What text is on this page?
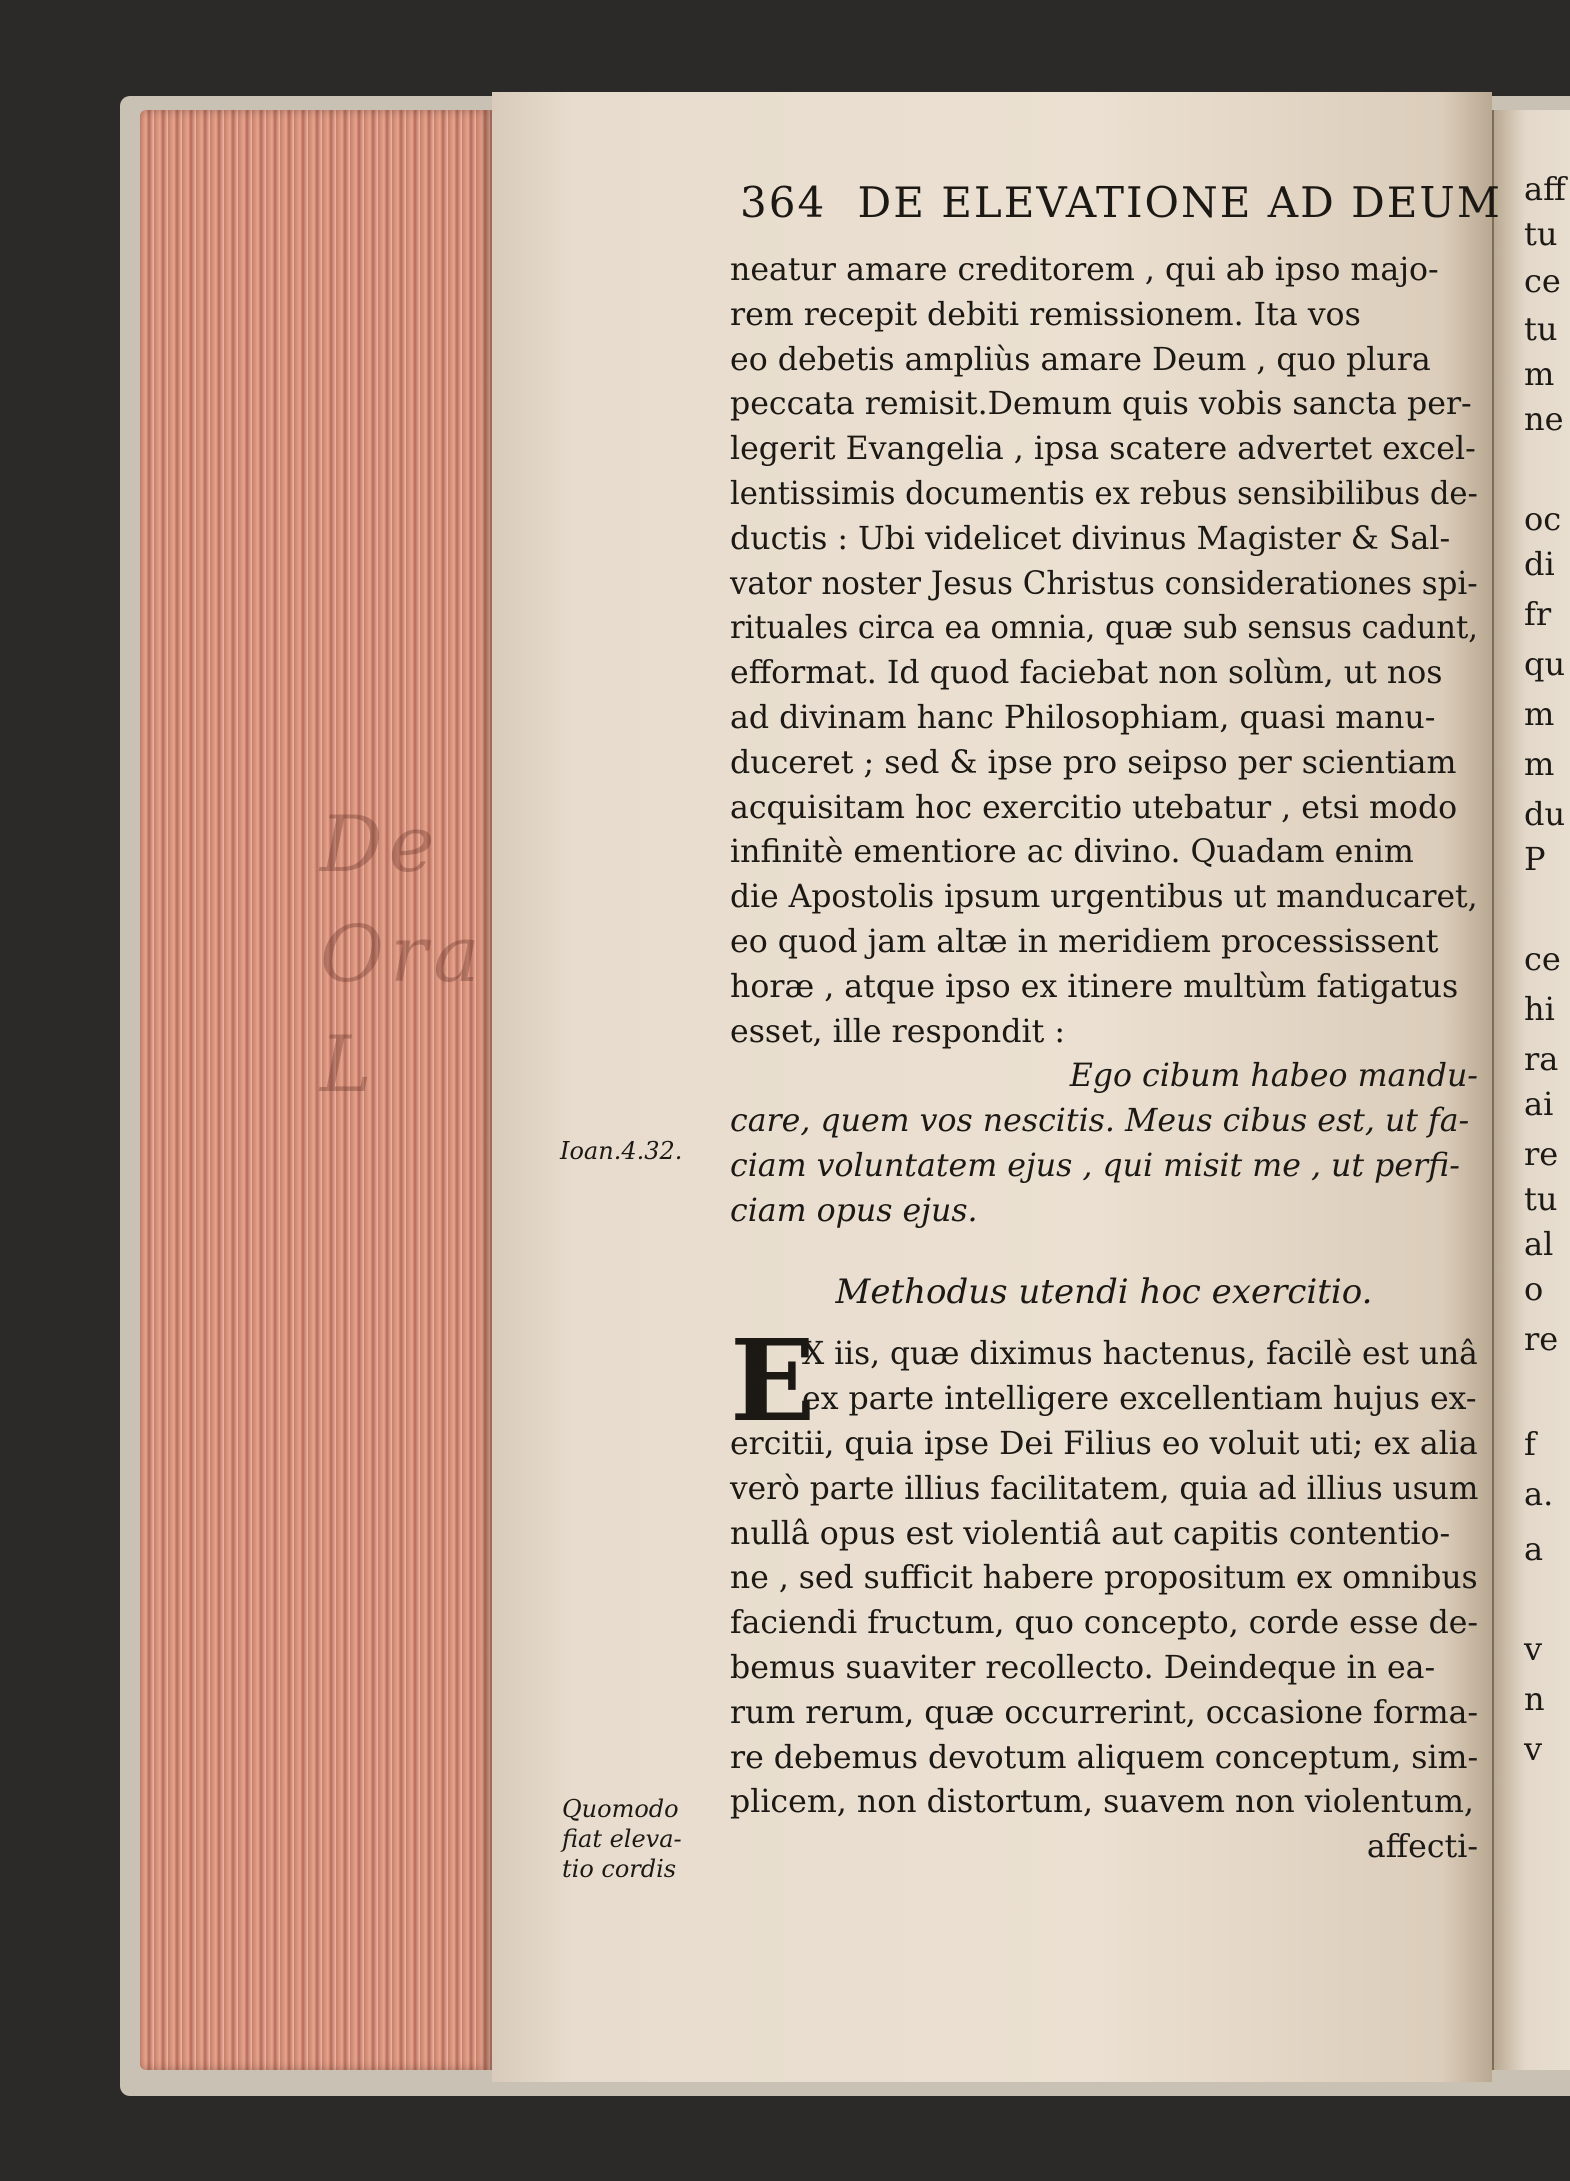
De
Ora L
aff
tu
ce
tu
m
ne
oc
di
fr
qu
m
m
du
P
ce
hi
ra
ai
re
tu
al
o
re
f
a.
a
v
n
v
364 DE ELEVATIONE AD DEUM
neatur amare creditorem , qui ab ipso majo-
rem recepit debiti remissionem. Ita vos
eo debetis ampliùs amare Deum , quo plura
peccata remisit.Demum quis vobis sancta per-
legerit Evangelia , ipsa scatere advertet excel-
lentissimis documentis ex rebus sensibilibus de-
ductis : Ubi videlicet divinus Magister & Sal-
vator noster Jesus Christus considerationes spi-
rituales circa ea omnia, quæ sub sensus cadunt,
efformat. Id quod faciebat non solùm, ut nos
ad divinam hanc Philosophiam, quasi manu-
duceret ; sed & ipse pro seipso per scientiam
acquisitam hoc exercitio utebatur , etsi modo
infinitè ementiore ac divino. Quadam enim
die Apostolis ipsum urgentibus ut manducaret,
eo quod jam altæ in meridiem processissent
horæ , atque ipso ex itinere multùm fatigatus
esset, ille respondit :
Ego cibum habeo mandu-
care, quem vos nescitis. Meus cibus est, ut fa-
ciam voluntatem ejus , qui misit me , ut perfi-
ciam opus ejus.
Methodus utendi hoc exercitio.
E
X iis, quæ diximus hactenus, facilè est unâ
ex parte intelligere excellentiam hujus ex-
ercitii, quia ipse Dei Filius eo voluit uti; ex alia
verò parte illius facilitatem, quia ad illius usum
nullâ opus est violentiâ aut capitis contentio-
ne , sed sufficit habere propositum ex omnibus
faciendi fructum, quo concepto, corde esse de-
bemus suaviter recollecto. Deindeque in ea-
rum rerum, quæ occurrerint, occasione forma-
re debemus devotum aliquem conceptum, sim-
plicem, non distortum, suavem non violentum,
affecti-
Ioan.4.32.
Quomodo
fiat eleva-
tio cordis
